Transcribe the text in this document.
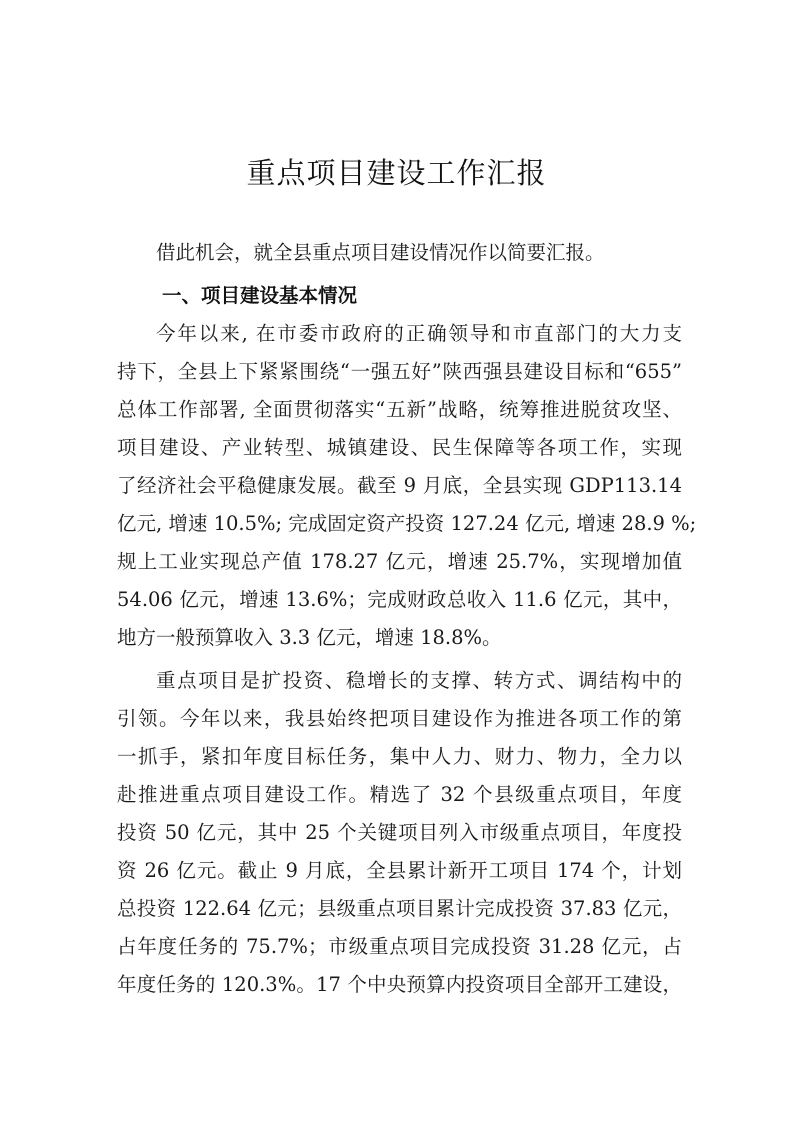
重点项目建设工作汇报
借此机会，就全县重点项目建设情况作以简要汇报。
一、项目建设基本情况
今年以来, 在市委市政府的正确领导和市直部门的大力支
持下，全县上下紧紧围绕“一强五好”陕西强县建设目标和“655”
总体工作部署, 全面贯彻落实“五新”战略，统筹推进脱贫攻坚、
项目建设、产业转型、城镇建设、民生保障等各项工作，实现
了经济社会平稳健康发展。截至 9 月底，全县实现 GDP113.14
亿元, 增速 10.5%; 完成固定资产投资 127.24 亿元, 增速 28.9 %;
规上工业实现总产值 178.27 亿元，增速 25.7%，实现增加值
54.06 亿元，增速 13.6%；完成财政总收入 11.6 亿元，其中，
地方一般预算收入 3.3 亿元，增速 18.8%。
重点项目是扩投资、稳增长的支撑、转方式、调结构中的
引领。今年以来，我县始终把项目建设作为推进各项工作的第
一抓手，紧扣年度目标任务，集中人力、财力、物力，全力以
赴推进重点项目建设工作。精选了 32 个县级重点项目，年度
投资 50 亿元，其中 25 个关键项目列入市级重点项目，年度投
资 26 亿元。截止 9 月底，全县累计新开工项目 174 个，计划
总投资 122.64 亿元；县级重点项目累计完成投资 37.83 亿元，
占年度任务的 75.7%；市级重点项目完成投资 31.28 亿元，占
年度任务的 120.3%。17 个中央预算内投资项目全部开工建设，
